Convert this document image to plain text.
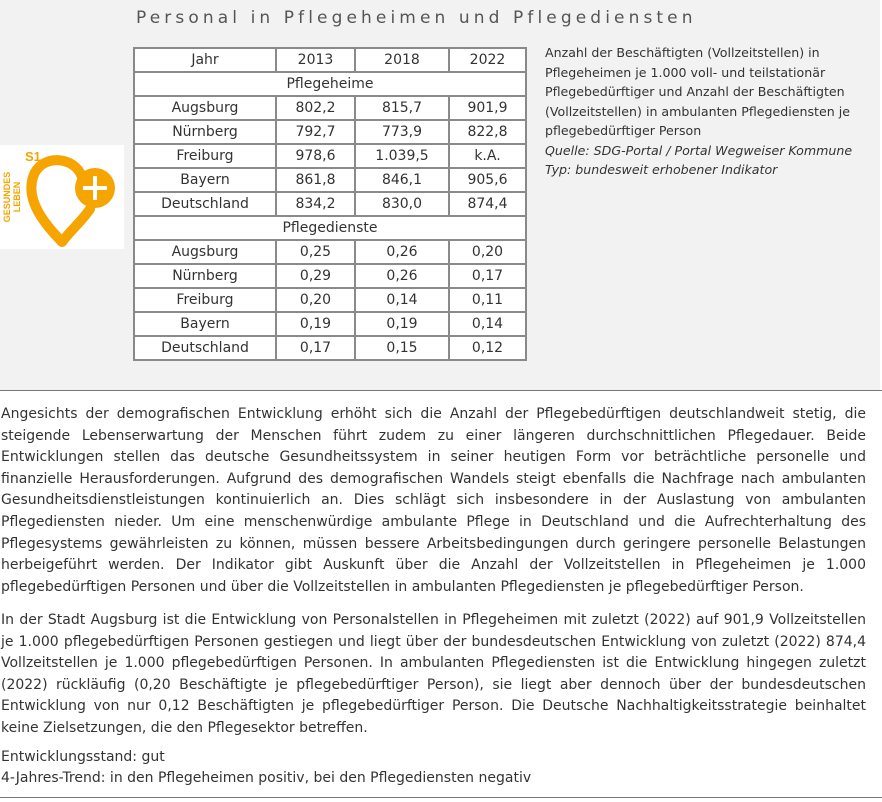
Personal in Pflegeheimen und Pflegediensten
GESUNDES LEBEN
S1
Jahr	2013	2018	2022
Pflegeheime			
Augsburg	802,2	815,7	901,9
Nürnberg	792,7	773,9	822,8
Freiburg	978,6	1.039,5	k.A.
Bayern	861,8	846,1	905,6
Deutschland	834,2	830,0	874,4
Pflegedienste			
Augsburg	0,25	0,26	0,20
Nürnberg	0,29	0,26	0,17
Freiburg	0,20	0,14	0,11
Bayern	0,19	0,19	0,14
Deutschland	0,17	0,15	0,12
Anzahl der Beschäftigten (Vollzeitstellen) in Pflegeheimen je 1.000 voll- und teilstationär Pflegebedürftiger und Anzahl der Beschäftigten (Vollzeitstellen) in ambulanten Pflegediensten je pflegebedürftiger Person
Quelle: SDG-Portal / Portal Wegweiser Kommune
Typ: bundesweit erhobener Indikator

Angesichts der demografischen Entwicklung erhöht sich die Anzahl der Pflegebedürftigen deutschlandweit stetig, die steigende Lebenserwartung der Menschen führt zudem zu einer längeren durchschnittlichen Pflegedauer. Beide Entwicklungen stellen das deutsche Gesundheitssystem in seiner heutigen Form vor beträchtliche personelle und finanzielle Herausforderungen. Aufgrund des demografischen Wandels steigt ebenfalls die Nachfrage nach ambulanten Gesundheitsdienstleistungen kontinuierlich an. Dies schlägt sich insbesondere in der Auslastung von ambulanten Pflegediensten nieder. Um eine menschenwürdige ambulante Pflege in Deutschland und die Aufrechterhaltung des Pflegesystems gewährleisten zu können, müssen bessere Arbeitsbedingungen durch geringere personelle Belastungen herbeigeführt werden. Der Indikator gibt Auskunft über die Anzahl der Vollzeitstellen in Pflegeheimen je 1.000 pflegebedürftigen Personen und über die Vollzeitstellen in ambulanten Pflegediensten je pflegebedürftiger Person.

In der Stadt Augsburg ist die Entwicklung von Personalstellen in Pflegeheimen mit zuletzt (2022) auf 901,9 Vollzeitstellen je 1.000 pflegebedürftigen Personen gestiegen und liegt über der bundesdeutschen Entwicklung von zuletzt (2022) 874,4 Vollzeitstellen je 1.000 pflegebedürftigen Personen. In ambulanten Pflegediensten ist die Entwicklung hingegen zuletzt (2022) rückläufig (0,20 Beschäftigte je pflegebedürftiger Person), sie liegt aber dennoch über der bundesdeutschen Entwicklung von nur 0,12 Beschäftigten je pflegebedürftiger Person. Die Deutsche Nachhaltigkeitsstrategie beinhaltet keine Zielsetzungen, die den Pflegesektor betreffen.

Entwicklungsstand: gut
4-Jahres-Trend: in den Pflegeheimen positiv, bei den Pflegediensten negativ
